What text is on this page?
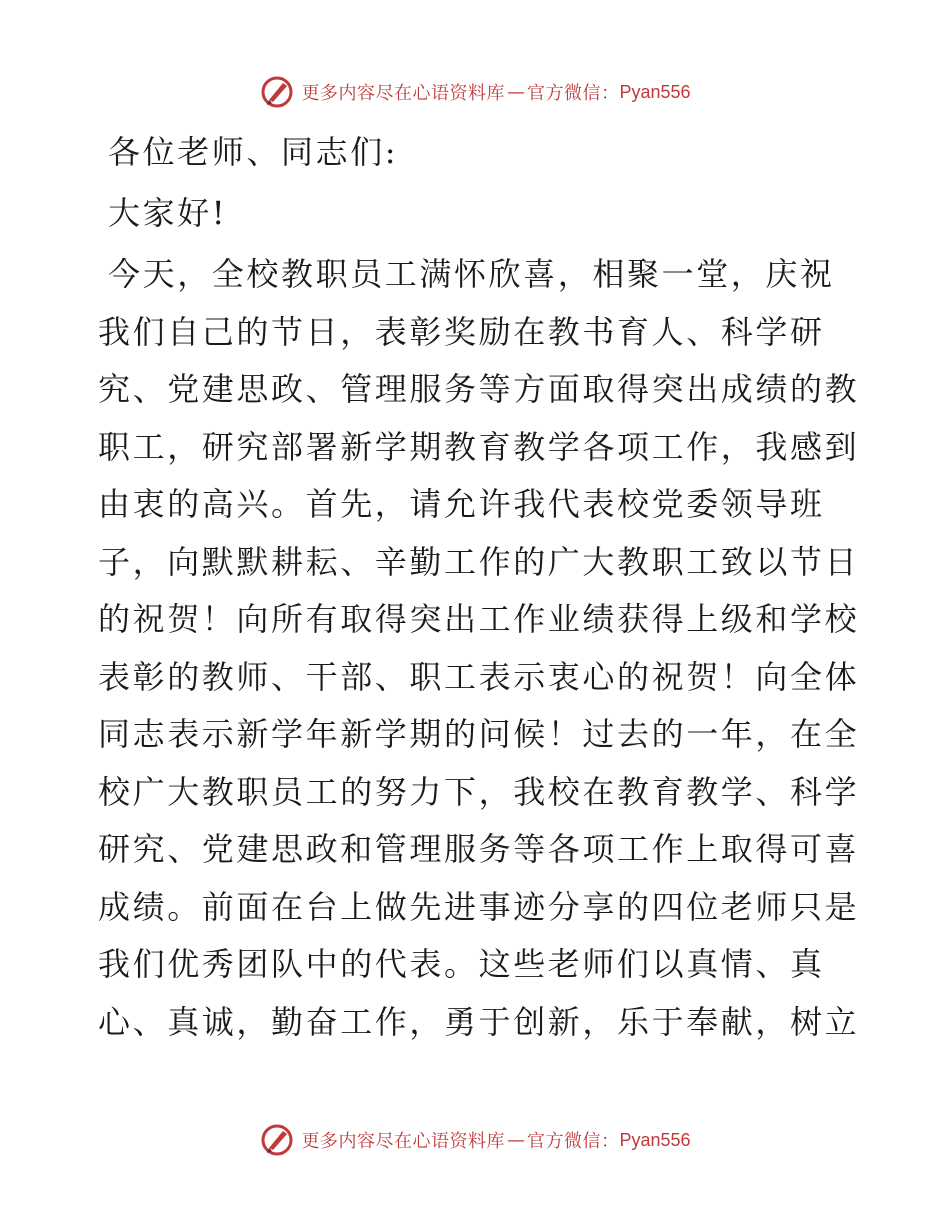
更多内容尽在心语资料库 — 官方微信： Pyan556
各位老师、同志们:
大家好!
今天，全校教职员工满怀欣喜，相聚一堂，庆祝
我们自己的节日，表彰奖励在教书育人、科学研
究、党建思政、管理服务等方面取得突出成绩的教
职工，研究部署新学期教育教学各项工作，我感到
由衷的高兴。首先，请允许我代表校党委领导班
子，向默默耕耘、辛勤工作的广大教职工致以节日
的祝贺！向所有取得突出工作业绩获得上级和学校
表彰的教师、干部、职工表示衷心的祝贺！向全体
同志表示新学年新学期的问候！过去的一年，在全
校广大教职员工的努力下，我校在教育教学、科学
研究、党建思政和管理服务等各项工作上取得可喜
成绩。前面在台上做先进事迹分享的四位老师只是
我们优秀团队中的代表。这些老师们以真情、真
心、真诚，勤奋工作，勇于创新，乐于奉献，树立
更多内容尽在心语资料库 — 官方微信： Pyan556
